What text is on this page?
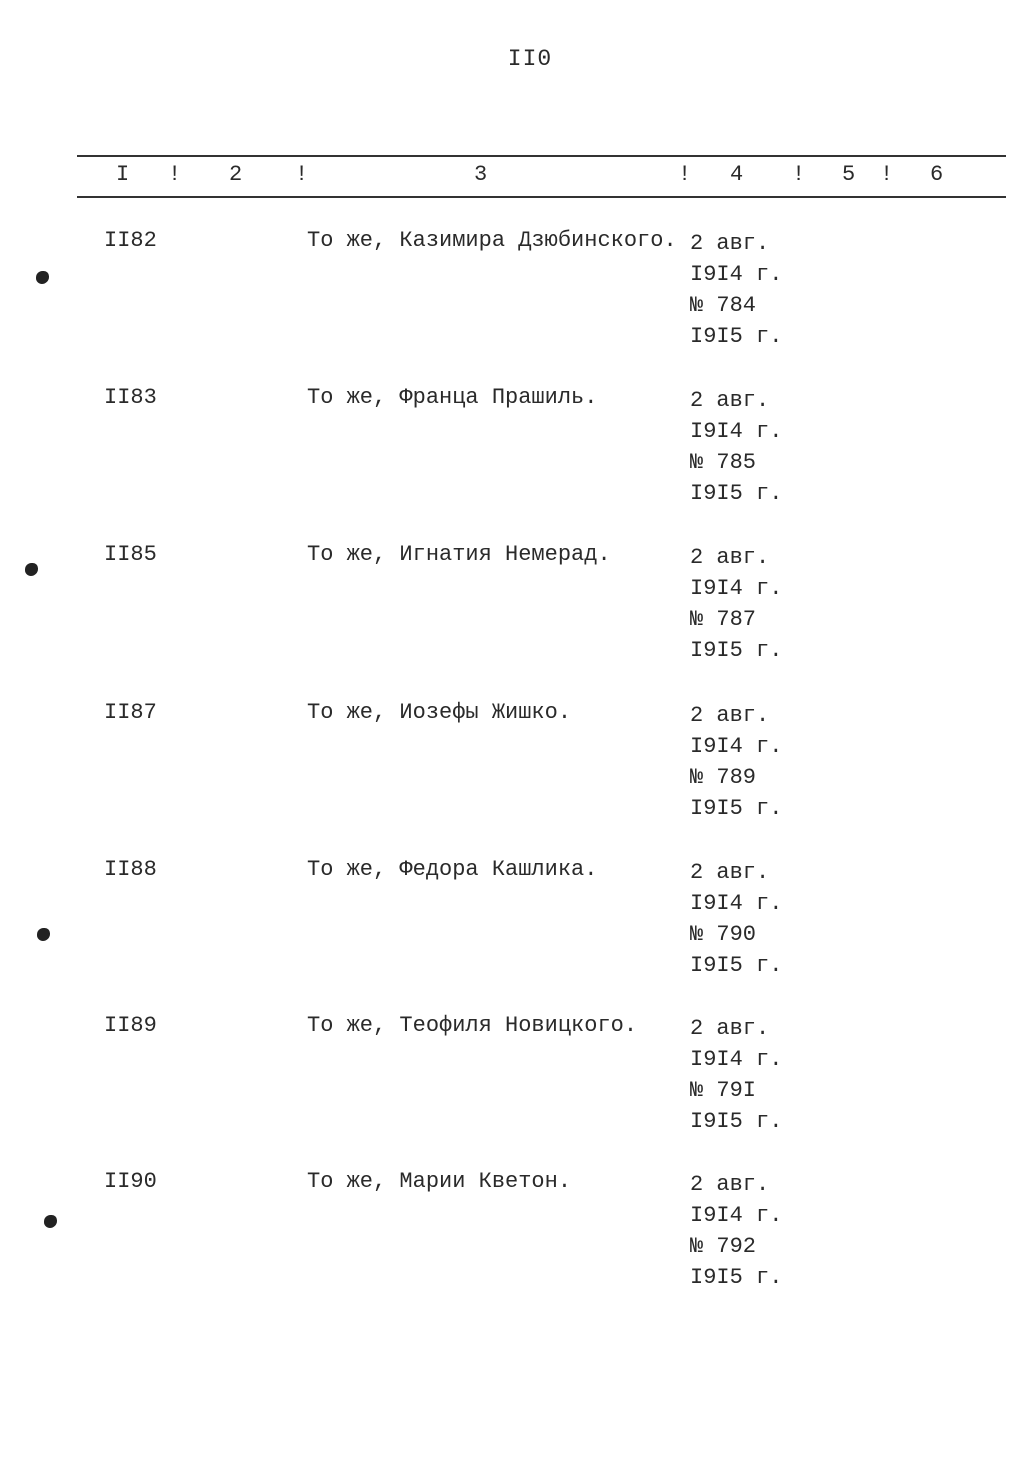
II0
I ! 2 !	3	! 4 ! 5 ! 6
II82	То же, Казимира Дзюбинского. 2 авг.
I9I4 г.
№ 784
I9I5 г.
II83	То же, Франца Прашиль.	2 авг.
I9I4 г.
№ 785
I9I5 г.
II85	То же, Игнатия Немерад.	2 авг.
I9I4 г.
№ 787
I9I5 г.
II87	То же, Иозефы Жишко.	2 авг.
I9I4 г.
№ 789
I9I5 г.
II88	То же, Федора Кашлика.	2 авг.
I9I4 г.
№ 790
I9I5 г.
II89	То же, Теофиля Новицкого. 2 авг.
I9I4 г.
№ 79I
I9I5 г.
II90	То же, Марии Кветон.	2 авг.
I9I4 г.
№ 792
I9I5 г.
